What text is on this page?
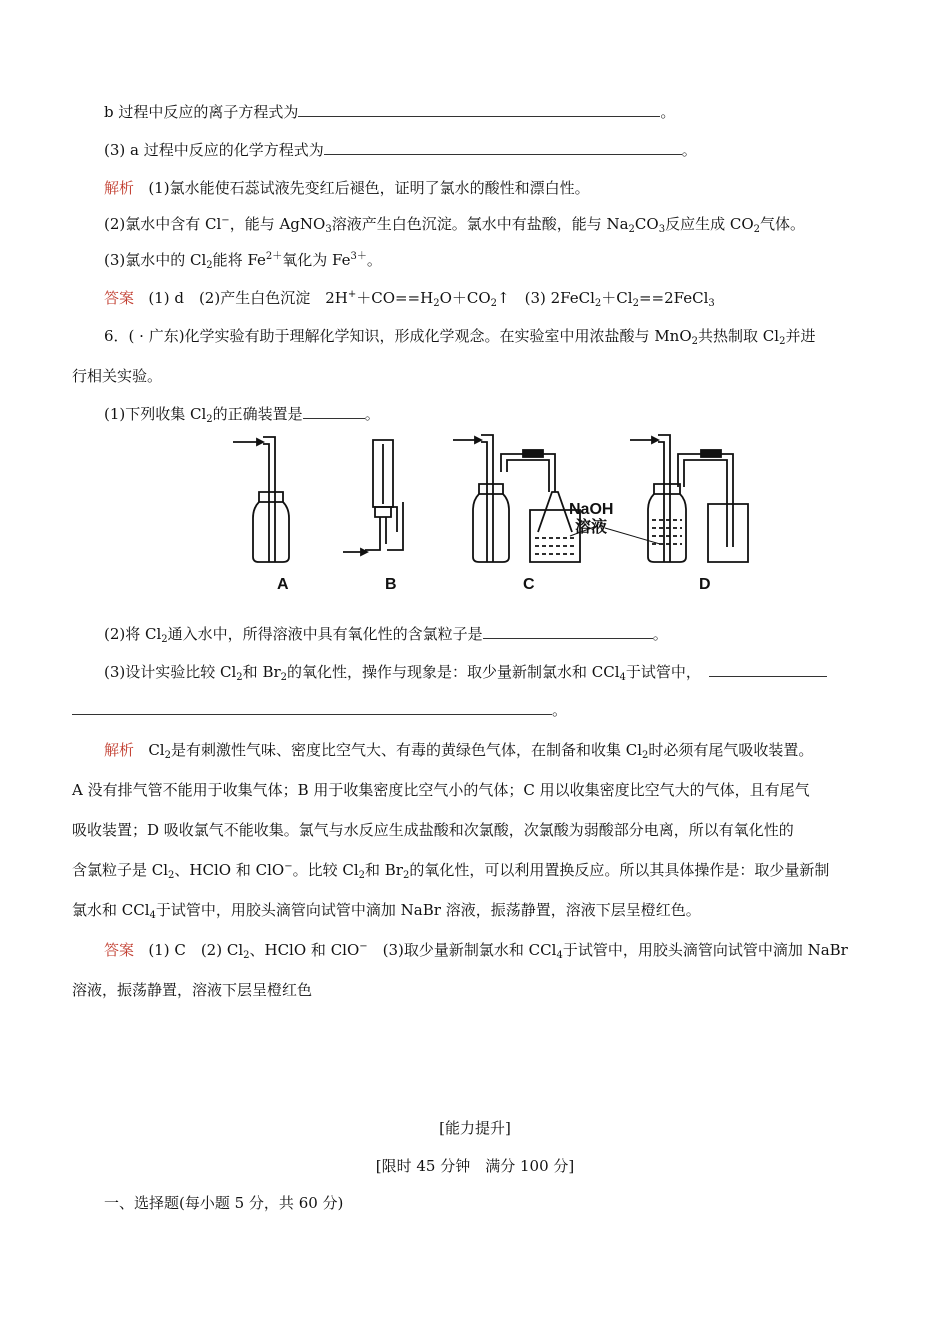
b 过程中反应的离子方程式为	。
(3) a 过程中反应的化学方程式为	。
解析 (1)氯水能使石蕊试液先变红后褪色，证明了氯水的酸性和漂白性。
(2)氯水中含有 Cl−，能与 AgNO$_3$溶液产生白色沉淀。氯水中有盐酸，能与 $Na_2CO_3$反应生成 $CO_2$气体。
(3)氯水中的 $Cl_2$能将 $Fe^{2+}$氧化为 $Fe^{3+}$。
答案 (1) d　(2)产生白色沉淀　$2H^++CO==H_2O+CO_2↑$　(3) $2FeCl_2+Cl_2==2FeCl_3$
6．( · 广东)化学实验有助于理解化学知识，形成化学观念。在实验室中用浓盐酸与 MnO$_2$共热制取 $Cl_2$并进
行相关实验。
(1)下列收集 $Cl_2$的正确装置是	。
NaOH
溶液
A	B	C	D
(2)将 $Cl_2$通入水中，所得溶液中具有氧化性的含氯粒子是	。
(3)设计实验比较 $Cl_2$和 $Br_2$的氧化性，操作与现象是：取少量新制氯水和 CCl$_4$于试管中，
。
解析 $Cl_2$是有刺激性气味、密度比空气大、有毒的黄绿色气体，在制备和收集 $Cl_2$时必须有尾气吸收装置。
A 没有排气管不能用于收集气体；B 用于收集密度比空气小的气体；C 用以收集密度比空气大的气体，且有尾气
吸收装置；D 吸收氯气不能收集。氯气与水反应生成盐酸和次氯酸，次氯酸为弱酸部分电离，所以有氧化性的
含氯粒子是 $Cl_2$、HClO 和 ClO−。比较 $Cl_2$和 $Br_2$的氧化性，可以利用置换反应。所以其具体操作是：取少量新制
氯水和 CCl$_4$于试管中，用胶头滴管向试管中滴加 NaBr 溶液，振荡静置，溶液下层呈橙红色。
答案 (1) C　(2) $Cl_2$、HClO 和 ClO−　(3)取少量新制氯水和 CCl$_4$于试管中，用胶头滴管向试管中滴加 NaBr
溶液，振荡静置，溶液下层呈橙红色
[能力提升]
[限时 45 分钟　满分 100 分]
一、选择题(每小题 5 分，共 60 分)
